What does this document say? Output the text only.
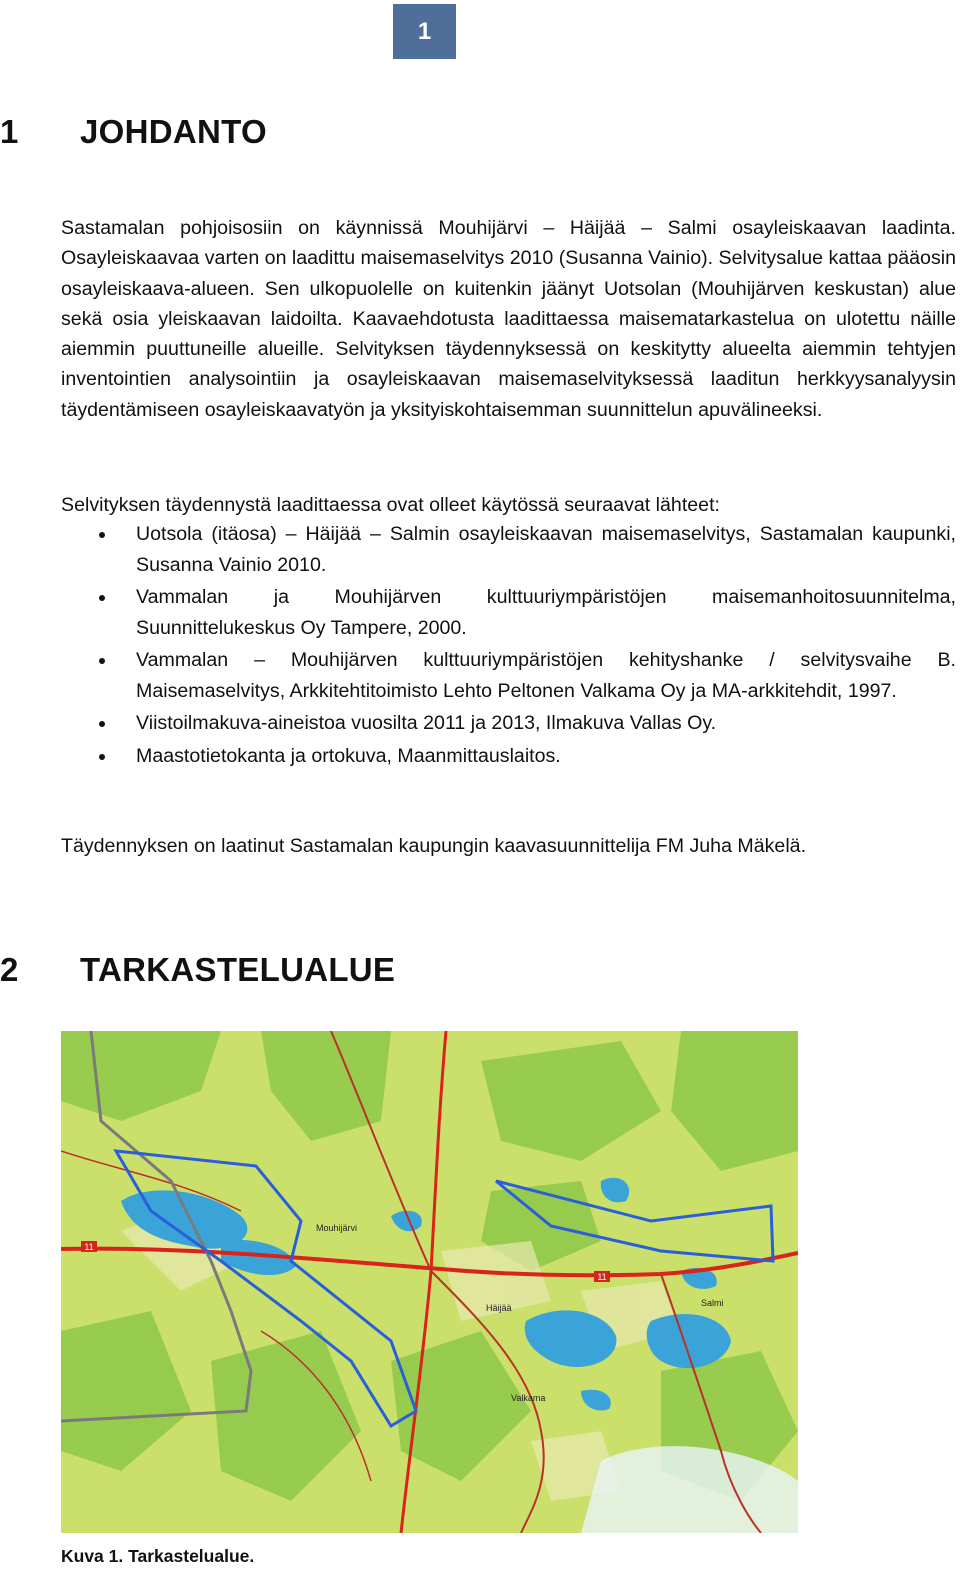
1
1 JOHDANTO

Sastamalan pohjoisosiin on käynnissä Mouhijärvi – Häijää – Salmi osayleiskaavan laadinta. Osayleiskaavaa varten on laadittu maisemaselvitys 2010 (Susanna Vainio). Selvitysalue kattaa pääosin osayleiskaava-alueen. Sen ulkopuolelle on kuitenkin jäänyt Uotsolan (Mouhijärven keskustan) alue sekä osia yleiskaavan laidoilta. Kaavaehdotusta laadittaessa maisematarkastelua on ulotettu näille aiemmin puuttuneille alueille. Selvityksen täydennyksessä on keskitytty alueelta aiemmin tehtyjen inventointien analysointiin ja osayleiskaavan maisemaselvityksessä laaditun herkkyysanalyysin täydentämiseen osayleiskaavatyön ja yksityiskohtaisemman suunnittelun apuvälineeksi.

Selvityksen täydennystä laadittaessa ovat olleet käytössä seuraavat lähteet:

Uotsola (itäosa) – Häijää – Salmin osayleiskaavan maisemaselvitys, Sastamalan kaupunki, Susanna Vainio 2010.
Vammalan ja Mouhijärven kulttuuriympäristöjen maisemanhoitosuunnitelma, Suunnittelukeskus Oy Tampere, 2000.
Vammalan – Mouhijärven kulttuuriympäristöjen kehityshanke / selvitysvaihe B. Maisemaselvitys, Arkkitehtitoimisto Lehto Peltonen Valkama Oy ja MA-arkkitehdit, 1997.
Viistoilmakuva-aineistoa vuosilta 2011 ja 2013, Ilmakuva Vallas Oy.
Maastotietokanta ja ortokuva, Maanmittauslaitos.

Täydennyksen on laatinut Sastamalan kaupungin kaavasuunnittelija FM Juha Mäkelä.

2 TARKASTELUALUE
11
11
Häijää	Salmi
Valkama
Mouhijärvi
Kuva 1. Tarkastelualue.
